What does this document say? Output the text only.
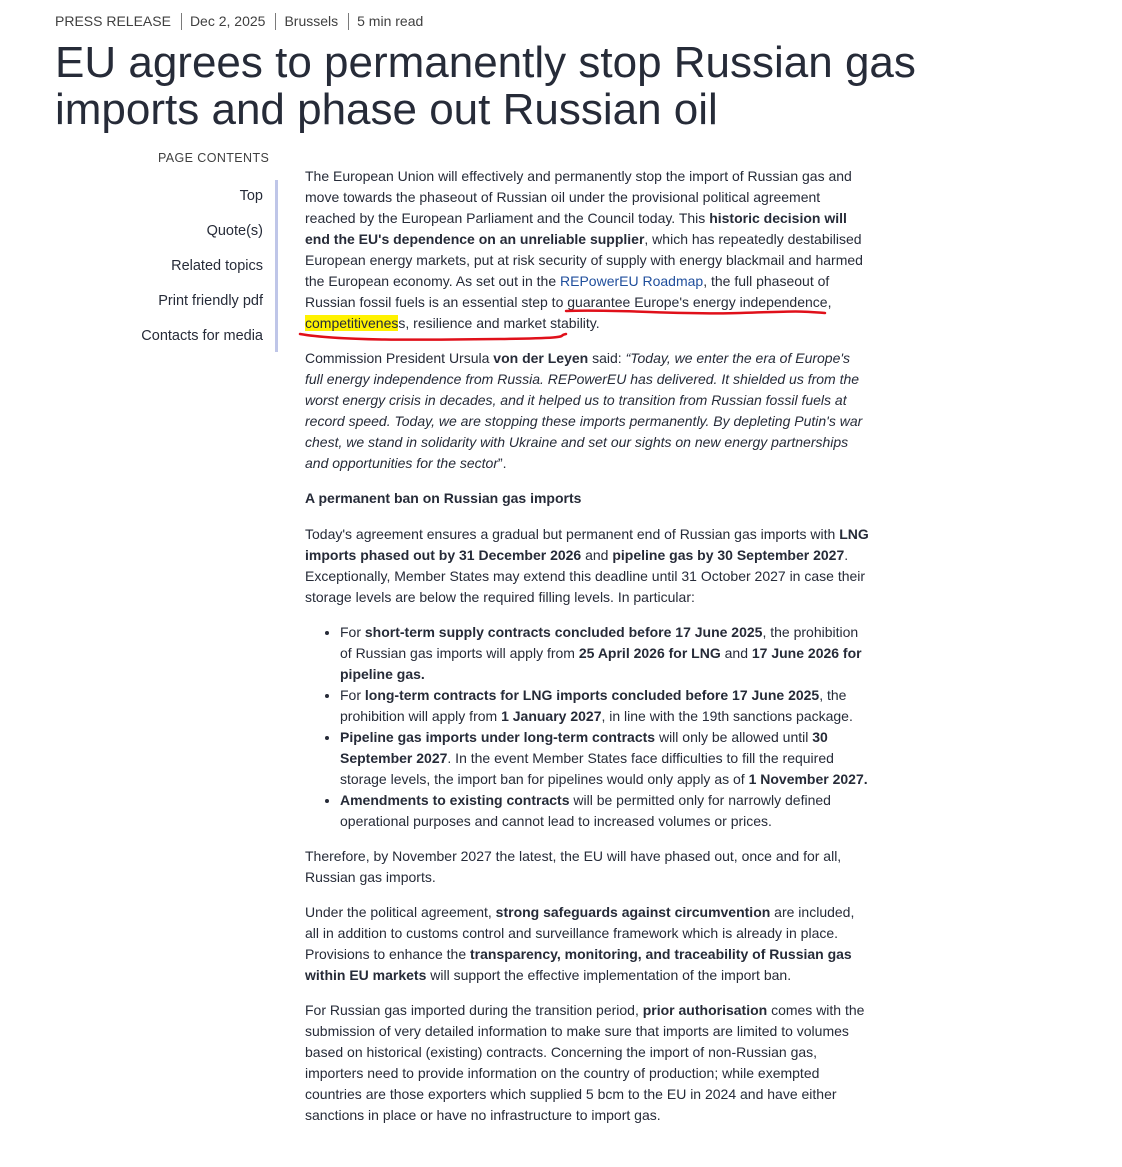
PRESS RELEASE Dec 2, 2025 Brussels 5 min read
EU agrees to permanently stop Russian gas imports and phase out Russian oil
PAGE CONTENTS
Top
Quote(s)
Related topics
Print friendly pdf
Contacts for media

The European Union will effectively and permanently stop the import of Russian gas and move towards the phaseout of Russian oil under the provisional political agreement reached by the European Parliament and the Council today. This historic decision will end the EU's dependence on an unreliable supplier, which has repeatedly destabilised European energy markets, put at risk security of supply with energy blackmail and harmed the European economy. As set out in the REPowerEU Roadmap, the full phaseout of Russian fossil fuels is an essential step to guarantee Europe's energy independence, competitiveness, resilience and market stability.

Commission President Ursula von der Leyen said: “Today, we enter the era of Europe's full energy independence from Russia. REPowerEU has delivered. It shielded us from the worst energy crisis in decades, and it helped us to transition from Russian fossil fuels at record speed. Today, we are stopping these imports permanently. By depleting Putin's war chest, we stand in solidarity with Ukraine and set our sights on new energy partnerships and opportunities for the sector”.

A permanent ban on Russian gas imports

Today's agreement ensures a gradual but permanent end of Russian gas imports with LNG imports phased out by 31 December 2026 and pipeline gas by 30 September 2027. Exceptionally, Member States may extend this deadline until 31 October 2027 in case their storage levels are below the required filling levels. In particular:

• For short-term supply contracts concluded before 17 June 2025, the prohibition of Russian gas imports will apply from 25 April 2026 for LNG and 17 June 2026 for pipeline gas.
• For long-term contracts for LNG imports concluded before 17 June 2025, the prohibition will apply from 1 January 2027, in line with the 19th sanctions package.
• Pipeline gas imports under long-term contracts will only be allowed until 30 September 2027. In the event Member States face difficulties to fill the required storage levels, the import ban for pipelines would only apply as of 1 November 2027.
• Amendments to existing contracts will be permitted only for narrowly defined operational purposes and cannot lead to increased volumes or prices.

Therefore, by November 2027 the latest, the EU will have phased out, once and for all, Russian gas imports.

Under the political agreement, strong safeguards against circumvention are included, all in addition to customs control and surveillance framework which is already in place. Provisions to enhance the transparency, monitoring, and traceability of Russian gas within EU markets will support the effective implementation of the import ban.

For Russian gas imported during the transition period, prior authorisation comes with the submission of very detailed information to make sure that imports are limited to volumes based on historical (existing) contracts. Concerning the import of non-Russian gas, importers need to provide information on the country of production; while exempted countries are those exporters which supplied 5 bcm to the EU in 2024 and have either sanctions in place or have no infrastructure to import gas.
